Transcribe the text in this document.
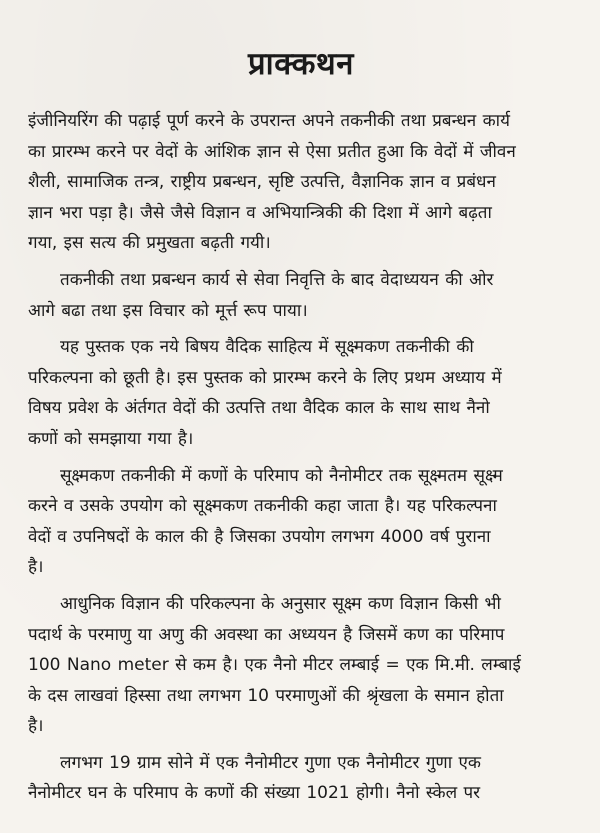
प्राक्कथन
इंजीनियरिंग की पढ़ाई पूर्ण करने के उपरान्त अपने तकनीकी तथा प्रबन्धन कार्य
का प्रारम्भ करने पर वेदों के आंशिक ज्ञान से ऐसा प्रतीत हुआ कि वेदों में जीवन
शैली, सामाजिक तन्त्र, राष्ट्रीय प्रबन्धन, सृष्टि उत्पत्ति, वैज्ञानिक ज्ञान व प्रबंधन
ज्ञान भरा पड़ा है। जैसे जैसे विज्ञान व अभियान्त्रिकी की दिशा में आगे बढ़ता
गया, इस सत्य की प्रमुखता बढ़ती गयी।
तकनीकी तथा प्रबन्धन कार्य से सेवा निवृत्ति के बाद वेदाध्ययन की ओर
आगे बढा तथा इस विचार को मूर्त्त रूप पाया।
यह पुस्तक एक नये बिषय वैदिक साहित्य में सूक्ष्मकण तकनीकी की
परिकल्पना को छूती है। इस पुस्तक को प्रारम्भ करने के लिए प्रथम अध्याय में
विषय प्रवेश के अंर्तगत वेदों की उत्पत्ति तथा वैदिक काल के साथ साथ नैनो
कणों को समझाया गया है।
सूक्ष्मकण तकनीकी में कणों के परिमाप को नैनोमीटर तक सूक्ष्मतम सूक्ष्म
करने व उसके उपयोग को सूक्ष्मकण तकनीकी कहा जाता है। यह परिकल्पना
वेदों व उपनिषदों के काल की है जिसका उपयोग लगभग 4000 वर्ष पुराना
है।
आधुनिक विज्ञान की परिकल्पना के अनुसार सूक्ष्म कण विज्ञान किसी भी
पदार्थ के परमाणु या अणु की अवस्था का अध्ययन है जिसमें कण का परिमाप
100 Nano meter से कम है। एक नैनो मीटर लम्बाई = एक मि.मी. लम्बाई
के दस लाखवां हिस्सा तथा लगभग 10 परमाणुओं की श्रृंखला के समान होता
है।
लगभग 19 ग्राम सोने में एक नैनोमीटर गुणा एक नैनोमीटर गुणा एक
नैनोमीटर घन के परिमाप के कणों की संख्या 1021 होगी। नैनो स्केल पर
